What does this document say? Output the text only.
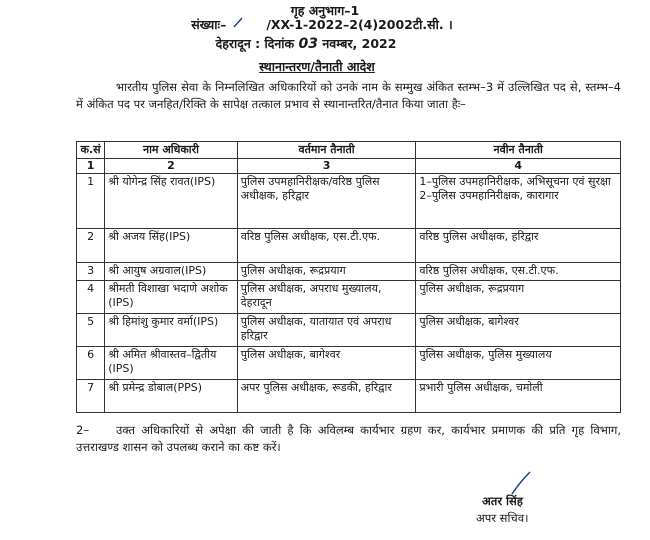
गृह अनुभाग–1
संख्याः–	/XX-1-2022–2(4)2002टी.सी. ।
देहरादून : दिनांक 03 नवम्बर, 2022
स्थानान्तरण/तैनाती आदेश
भारतीय पुलिस सेवा के निम्नलिखित अधिकारियों को उनके नाम के सम्मुख अंकित स्तम्भ–3 में उल्लिखित पद से, स्तम्भ–4 में अंकित पद पर जनहित/रिक्ति के सापेक्ष तत्काल प्रभाव से स्थानान्तरित/तैनात किया जाता हैः–
क.सं	नाम अधिकारी	वर्तमान तैनाती	नवीन तैनाती
1	2	3	4
1	श्री योगेन्द्र सिंह रावत(IPS)	पुलिस उपमहानिरीक्षक/वरिष्ठ पुलिस अधीक्षक, हरिद्वार	1–पुलिस उपमहानिरीक्षक, अभिसूचना एवं सुरक्षा
2–पुलिस उपमहानिरीक्षक, कारागार

2	श्री अजय सिंह(IPS)	वरिष्ठ पुलिस अधीक्षक, एस.टी.एफ.	वरिष्ठ पुलिस अधीक्षक, हरिद्वार
3	श्री आयुष अग्रवाल(IPS)	पुलिस अधीक्षक, रूद्रप्रयाग	वरिष्ठ पुलिस अधीक्षक, एस.टी.एफ.
4	श्रीमती विशाखा भदाणे अशोक (IPS)	पुलिस अधीक्षक, अपराध मुख्यालय, देहरादून	पुलिस अधीक्षक, रूद्रप्रयाग
5	श्री हिमांशु कुमार वर्मा(IPS)	पुलिस अधीक्षक, यातायात एवं अपराध हरिद्वार	पुलिस अधीक्षक, बागेश्वर
6	श्री अमित श्रीवास्तव–द्वितीय (IPS)	पुलिस अधीक्षक, बागेश्वर	पुलिस अधीक्षक, पुलिस मुख्यालय
7	श्री प्रमेन्द्र डोबाल(PPS)	अपर पुलिस अधीक्षक, रूडकी, हरिद्वार	प्रभारी पुलिस अधीक्षक, चमोली
2– उक्त अधिकारियों से अपेक्षा की जाती है कि अविलम्ब कार्यभार ग्रहण कर, कार्यभार प्रमाणक की प्रति गृह विभाग, उत्तराखण्ड शासन को उपलब्ध कराने का कष्ट करें।
अतर सिंह
अपर सचिव।
